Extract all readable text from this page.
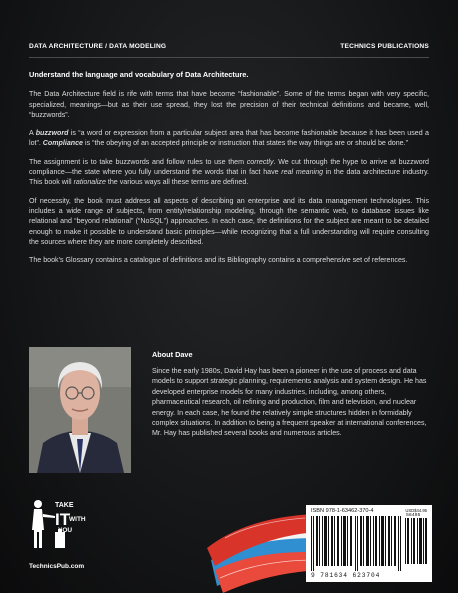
DATA ARCHITECTURE / DATA MODELING	TECHNICS PUBLICATIONS

Understand the language and vocabulary of Data Architecture.

The Data Architecture field is rife with terms that have become “fashionable”. Some of the terms began with very specific, specialized, meanings—but as their use spread, they lost the precision of their technical definitions and became, well, “buzzwords”.

A buzzword is “a word or expression from a particular subject area that has become fashionable because it has been used a lot”. Compliance is “the obeying of an accepted principle or instruction that states the way things are or should be done.”

The assignment is to take buzzwords and follow rules to use them correctly. We cut through the hype to arrive at buzzword compliance—the state where you fully understand the words that in fact have real meaning in the data architecture industry. This book will rationalize the various ways all these terms are defined.

Of necessity, the book must address all aspects of describing an enterprise and its data management technologies. This includes a wide range of subjects, from entity/relationship modeling, through the semantic web, to database issues like relational and “beyond relational” (“NoSQL”) approaches. In each case, the definitions for the subject are meant to be detailed enough to make it possible to understand basic principles—while recognizing that a full understanding will require consulting the sources where they are more completely described.

The book’s Glossary contains a catalogue of definitions and its Bibliography contains a comprehensive set of references.

About Dave
Since the early 1980s, David Hay has been a pioneer in the use of process and data models to support strategic planning, requirements analysis and system design. He has developed enterprise models for many industries, including, among others, pharmaceutical research, oil refining and production, film and television, and nuclear energy. In each case, he found the relatively simple structures hidden in formidably complex situations. In addition to being a frequent speaker at international conferences, Mr. Hay has published several books and numerous articles.
TAKE
IT
WITH
YOU
TechnicsPub.com
ISBN 978-1-63462-370-4	USD$44.95
56495
9 781634 623704
